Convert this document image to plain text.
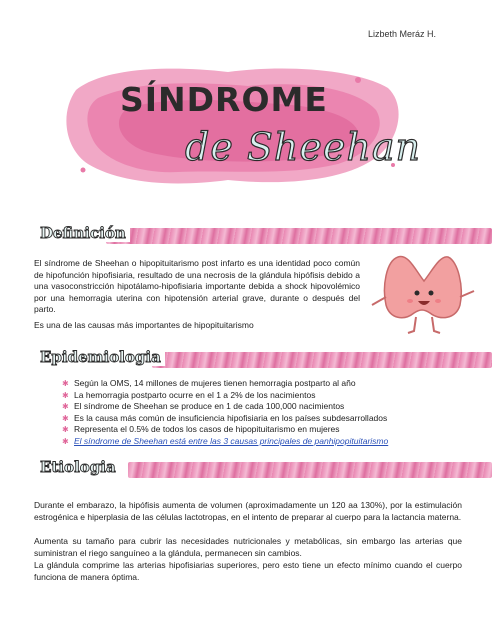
Lizbeth Meráz H.
SÍNDROME
de Sheehan
Definición
El síndrome de Sheehan o hipopituitarismo post infarto es una identidad poco común de hipofunción hipofisiaria, resultado de una necrosis de la glándula hipófisis debido a una vasoconstricción hipotálamo-hipofisiaria importante debida a shock hipovolémico por una hemorragia uterina con hipotensión arterial grave, durante o después del parto.
Es una de las causas más importantes de hipopituitarismo
Epidemiologia
✱ Según la OMS, 14 millones de mujeres tienen hemorragia postparto al año
✱ La hemorragia postparto ocurre en el 1 a 2% de los nacimientos
✱ El síndrome de Sheehan se produce en 1 de cada 100,000 nacimientos
✱ Es la causa más común de insuficiencia hipofisiaria en los países subdesarrollados
✱ Representa el 0.5% de todos los casos de hipopituitarismo en mujeres
✱ El síndrome de Sheehan está entre las 3 causas principales de panhipopituitarismo
Etiologia
Durante el embarazo, la hipófisis aumenta de volumen (aproximadamente un 120 aa 130%), por la estimulación estrogénica e hiperplasia de las células lactotropas, en el intento de preparar al cuerpo para la lactancia materna.
Aumenta su tamaño para cubrir las necesidades nutricionales y metabólicas, sin embargo las arterias que suministran el riego sanguíneo a la glándula, permanecen sin cambios.
La glándula comprime las arterias hipofisiarias superiores, pero esto tiene un efecto mínimo cuando el cuerpo funciona de manera óptima.
